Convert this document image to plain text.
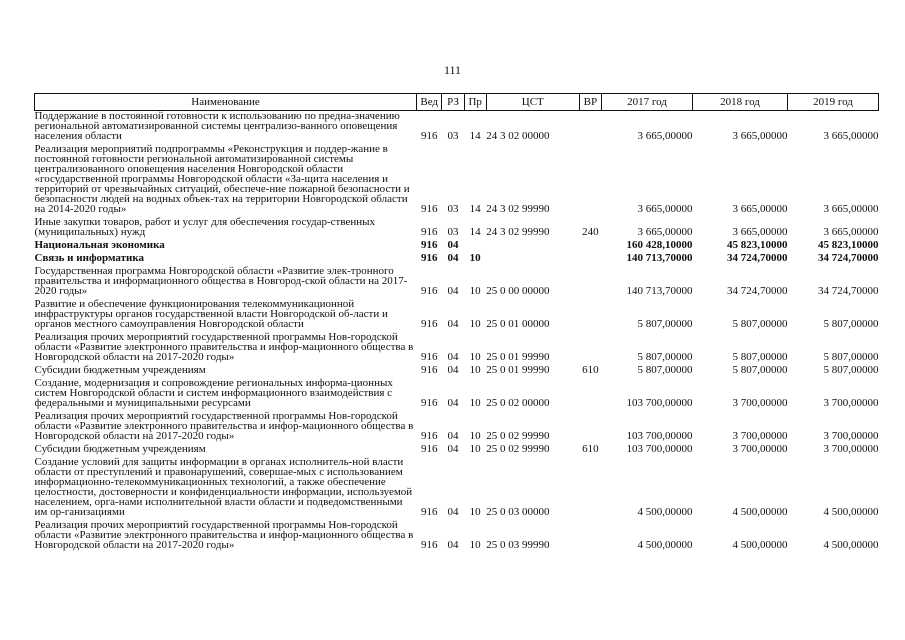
111
Наименование	Вед	РЗ	Пр	ЦСТ	ВР	2017 год	2018 год	2019 год
Поддержание в постоянной готовности к использованию по предна-значению региональной автоматизированной системы централизо-ванного оповещения населения области	916	03	14	24 3 02 00000		3 665,00000	3 665,00000	3 665,00000
Реализация мероприятий подпрограммы «Реконструкция и поддер-жание в постоянной готовности региональной автоматизированной системы централизованного оповещения населения Новгородской области «государственной программы Новгородской области «За-щита населения и территорий от чрезвычайных ситуаций, обеспече-ние пожарной безопасности и безопасности людей на водных объек-тах на территории Новгородской области на 2014-2020 годы»	916	03	14	24 3 02 99990		3 665,00000	3 665,00000	3 665,00000
Иные закупки товаров, работ и услуг для обеспечения государ-ственных (муниципальных) нужд	916	03	14	24 3 02 99990	240	3 665,00000	3 665,00000	3 665,00000
Национальная экономика	916	04				160 428,10000	45 823,10000	45 823,10000
Связь и информатика	916	04	10			140 713,70000	34 724,70000	34 724,70000
Государственная программа Новгородской области «Развитие элек-тронного правительства и информационного общества в Новгород-ской области на 2017-2020 годы»	916	04	10	25 0 00 00000		140 713,70000	34 724,70000	34 724,70000
Развитие и обеспечение функционирования телекоммуникационной инфраструктуры органов государственной власти Новгородской об-ласти и органов местного самоуправления Новгородской области	916	04	10	25 0 01 00000		5 807,00000	5 807,00000	5 807,00000
Реализация прочих мероприятий государственной программы Нов-городской области «Развитие электронного правительства и инфор-мационного общества в Новгородской области на 2017-2020 годы»	916	04	10	25 0 01 99990		5 807,00000	5 807,00000	5 807,00000
Субсидии бюджетным учреждениям	916	04	10	25 0 01 99990	610	5 807,00000	5 807,00000	5 807,00000
Создание, модернизация и сопровождение региональных информа-ционных систем Новгородской области и систем информационного взаимодействия с федеральными и муниципальными ресурсами	916	04	10	25 0 02 00000		103 700,00000	3 700,00000	3 700,00000
Реализация прочих мероприятий государственной программы Нов-городской области «Развитие электронного правительства и инфор-мационного общества в Новгородской области на 2017-2020 годы»	916	04	10	25 0 02 99990		103 700,00000	3 700,00000	3 700,00000
Субсидии бюджетным учреждениям	916	04	10	25 0 02 99990	610	103 700,00000	3 700,00000	3 700,00000
Создание условий для защиты информации в органах исполнитель-ной власти области от преступлений и правонарушений, совершае-мых с использованием информационно-телекоммуникационных технологий, а также обеспечение целостности, достоверности и конфиденциальности информации, используемой населением, орга-нами исполнительной власти области и подведомственными им ор-ганизациями	916	04	10	25 0 03 00000		4 500,00000	4 500,00000	4 500,00000
Реализация прочих мероприятий государственной программы Нов-городской области «Развитие электронного правительства и инфор-мационного общества в Новгородской области на 2017-2020 годы»	916	04	10	25 0 03 99990		4 500,00000	4 500,00000	4 500,00000
